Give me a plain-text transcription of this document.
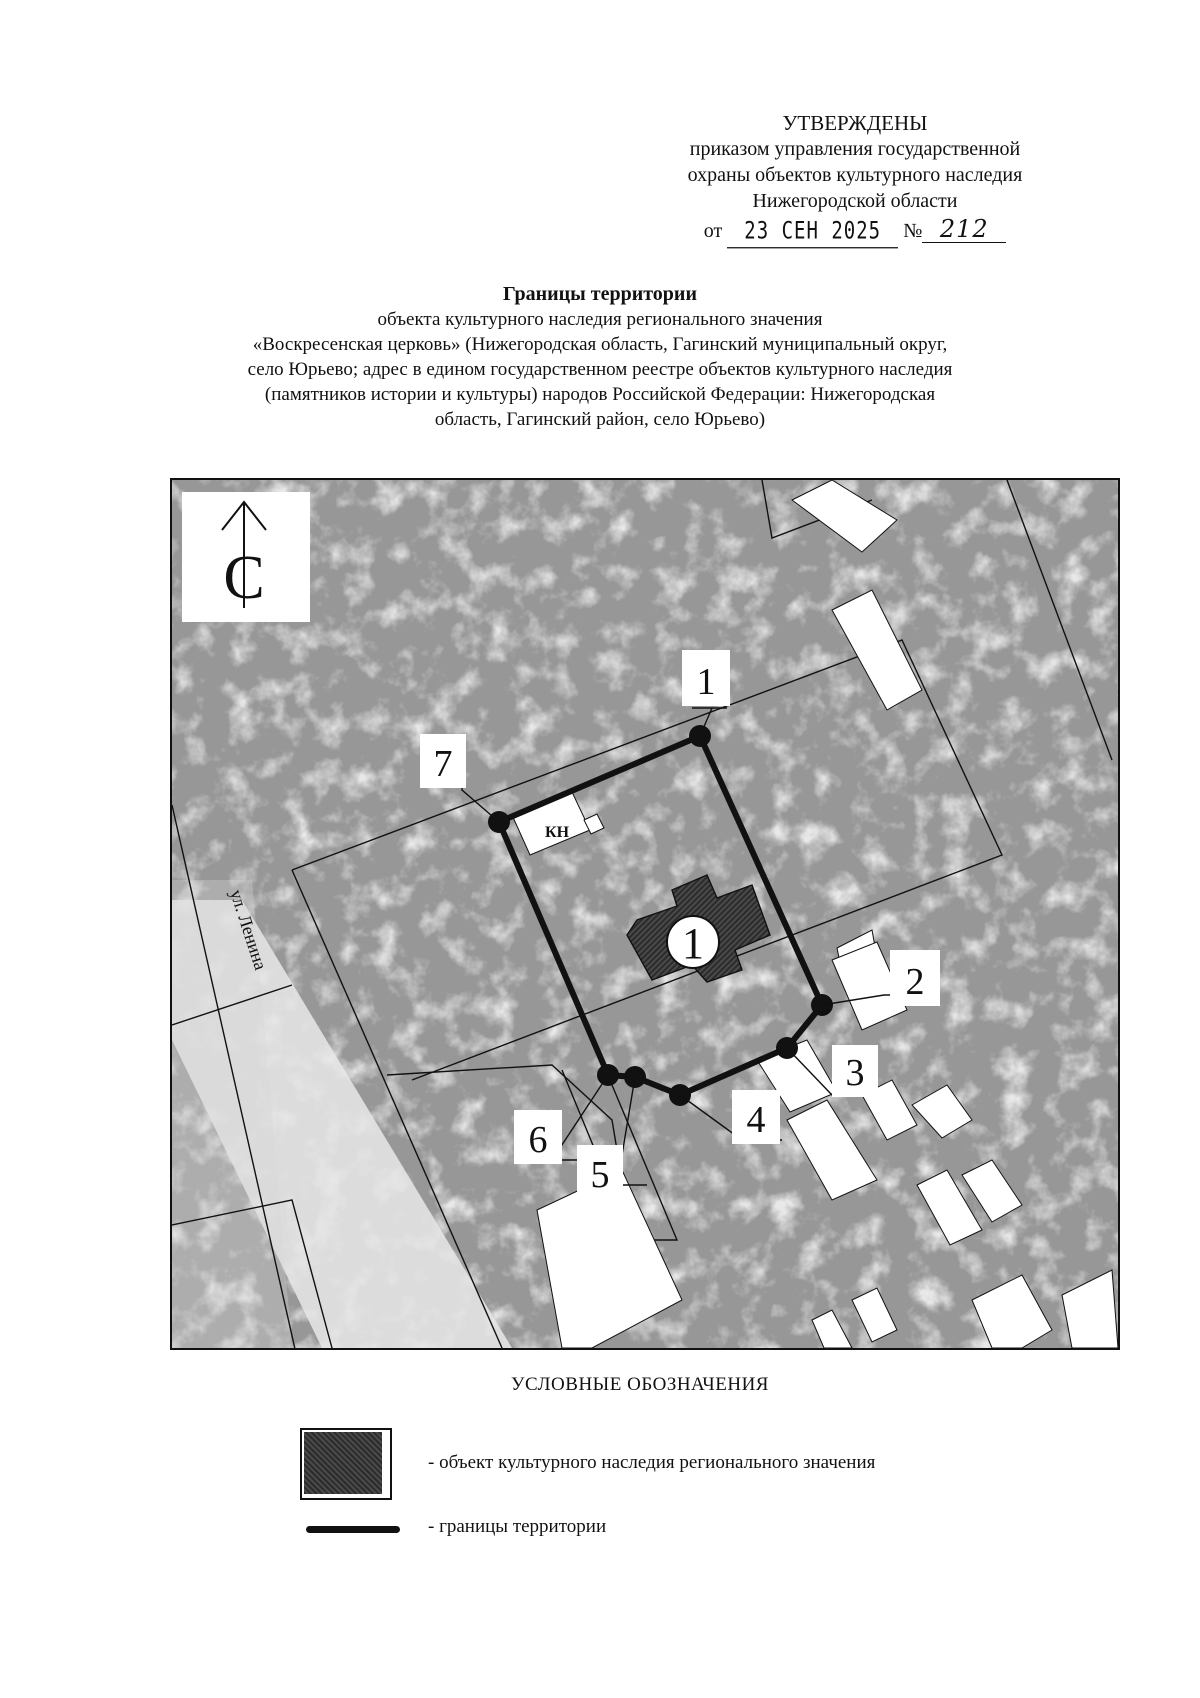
УТВЕРЖДЕНЫ
приказом управления государственной
охраны объектов культурного наследия
Нижегородской области
от 23 СЕН 2025 № 212
Границы территории
объекта культурного наследия регионального значения
«Воскресенская церковь» (Нижегородская область, Гагинский муниципальный округ,
село Юрьево; адрес в едином государственном реестре объектов культурного наследия
(памятников истории и культуры) народов Российской Федерации: Нижегородская
область, Гагинский район, село Юрьево)
КН
1
1
2
3
4
5
6
7
ул. Ленина
С
УСЛОВНЫЕ ОБОЗНАЧЕНИЯ
- объект культурного наследия регионального значения
- границы территории
